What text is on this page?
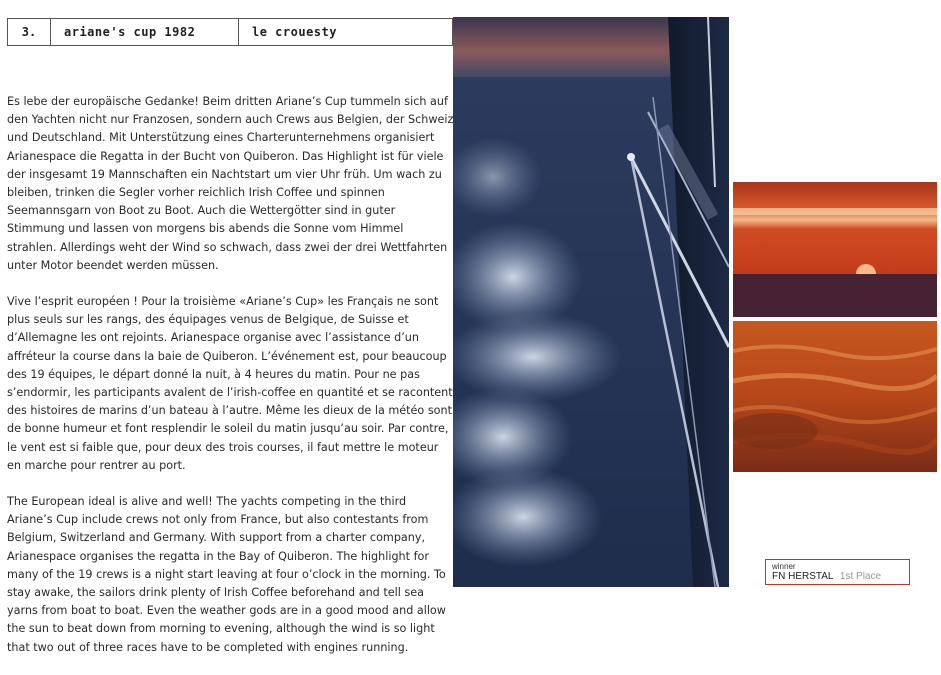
3.	ariane's cup 1982	le crouesty

Es lebe der europäische Gedanke! Beim dritten Ariane’s Cup tummeln sich auf den Yachten nicht nur Franzosen, sondern auch Crews aus Belgien, der Schweiz und Deutschland. Mit Unterstützung eines Charterunternehmens organisiert Arianespace die Regatta in der Bucht von Quiberon. Das Highlight ist für viele der insgesamt 19 Mannschaften ein Nachtstart um vier Uhr früh. Um wach zu bleiben, trinken die Segler vorher reichlich Irish Coffee und spinnen Seemannsgarn von Boot zu Boot. Auch die Wettergötter sind in guter Stimmung und lassen von morgens bis abends die Sonne vom Himmel strahlen. Allerdings weht der Wind so schwach, dass zwei der drei Wettfahrten unter Motor beendet werden müssen.

Vive l’esprit européen ! Pour la troisième «Ariane’s Cup» les Français ne sont plus seuls sur les rangs, des équipages venus de Belgique, de Suisse et d’Allemagne les ont rejoints. Arianespace organise avec l’assistance d’un affréteur la course dans la baie de Quiberon. L’événement est, pour beaucoup des 19 équipes, le départ donné la nuit, à 4 heures du matin. Pour ne pas s’endormir, les participants avalent de l’irish-coffee en quantité et se racontent des histoires de marins d’un bateau à l’autre. Même les dieux de la météo sont de bonne humeur et font resplendir le soleil du matin jusqu’au soir. Par contre, le vent est si faible que, pour deux des trois courses, il faut mettre le moteur en marche pour rentrer au port.

The European ideal is alive and well! The yachts competing in the third Ariane’s Cup include crews not only from France, but also contestants from Belgium, Switzerland and Germany. With support from a charter company, Arianespace organises the regatta in the Bay of Quiberon. The highlight for many of the 19 crews is a night start leaving at four o’clock in the morning. To stay awake, the sailors drink plenty of Irish Coffee beforehand and tell sea yarns from boat to boat. Even the weather gods are in a good mood and allow the sun to beat down from morning to evening, although the wind is so light that two out of three races have to be completed with engines running.

winner
FN HERSTAL 1st Place
